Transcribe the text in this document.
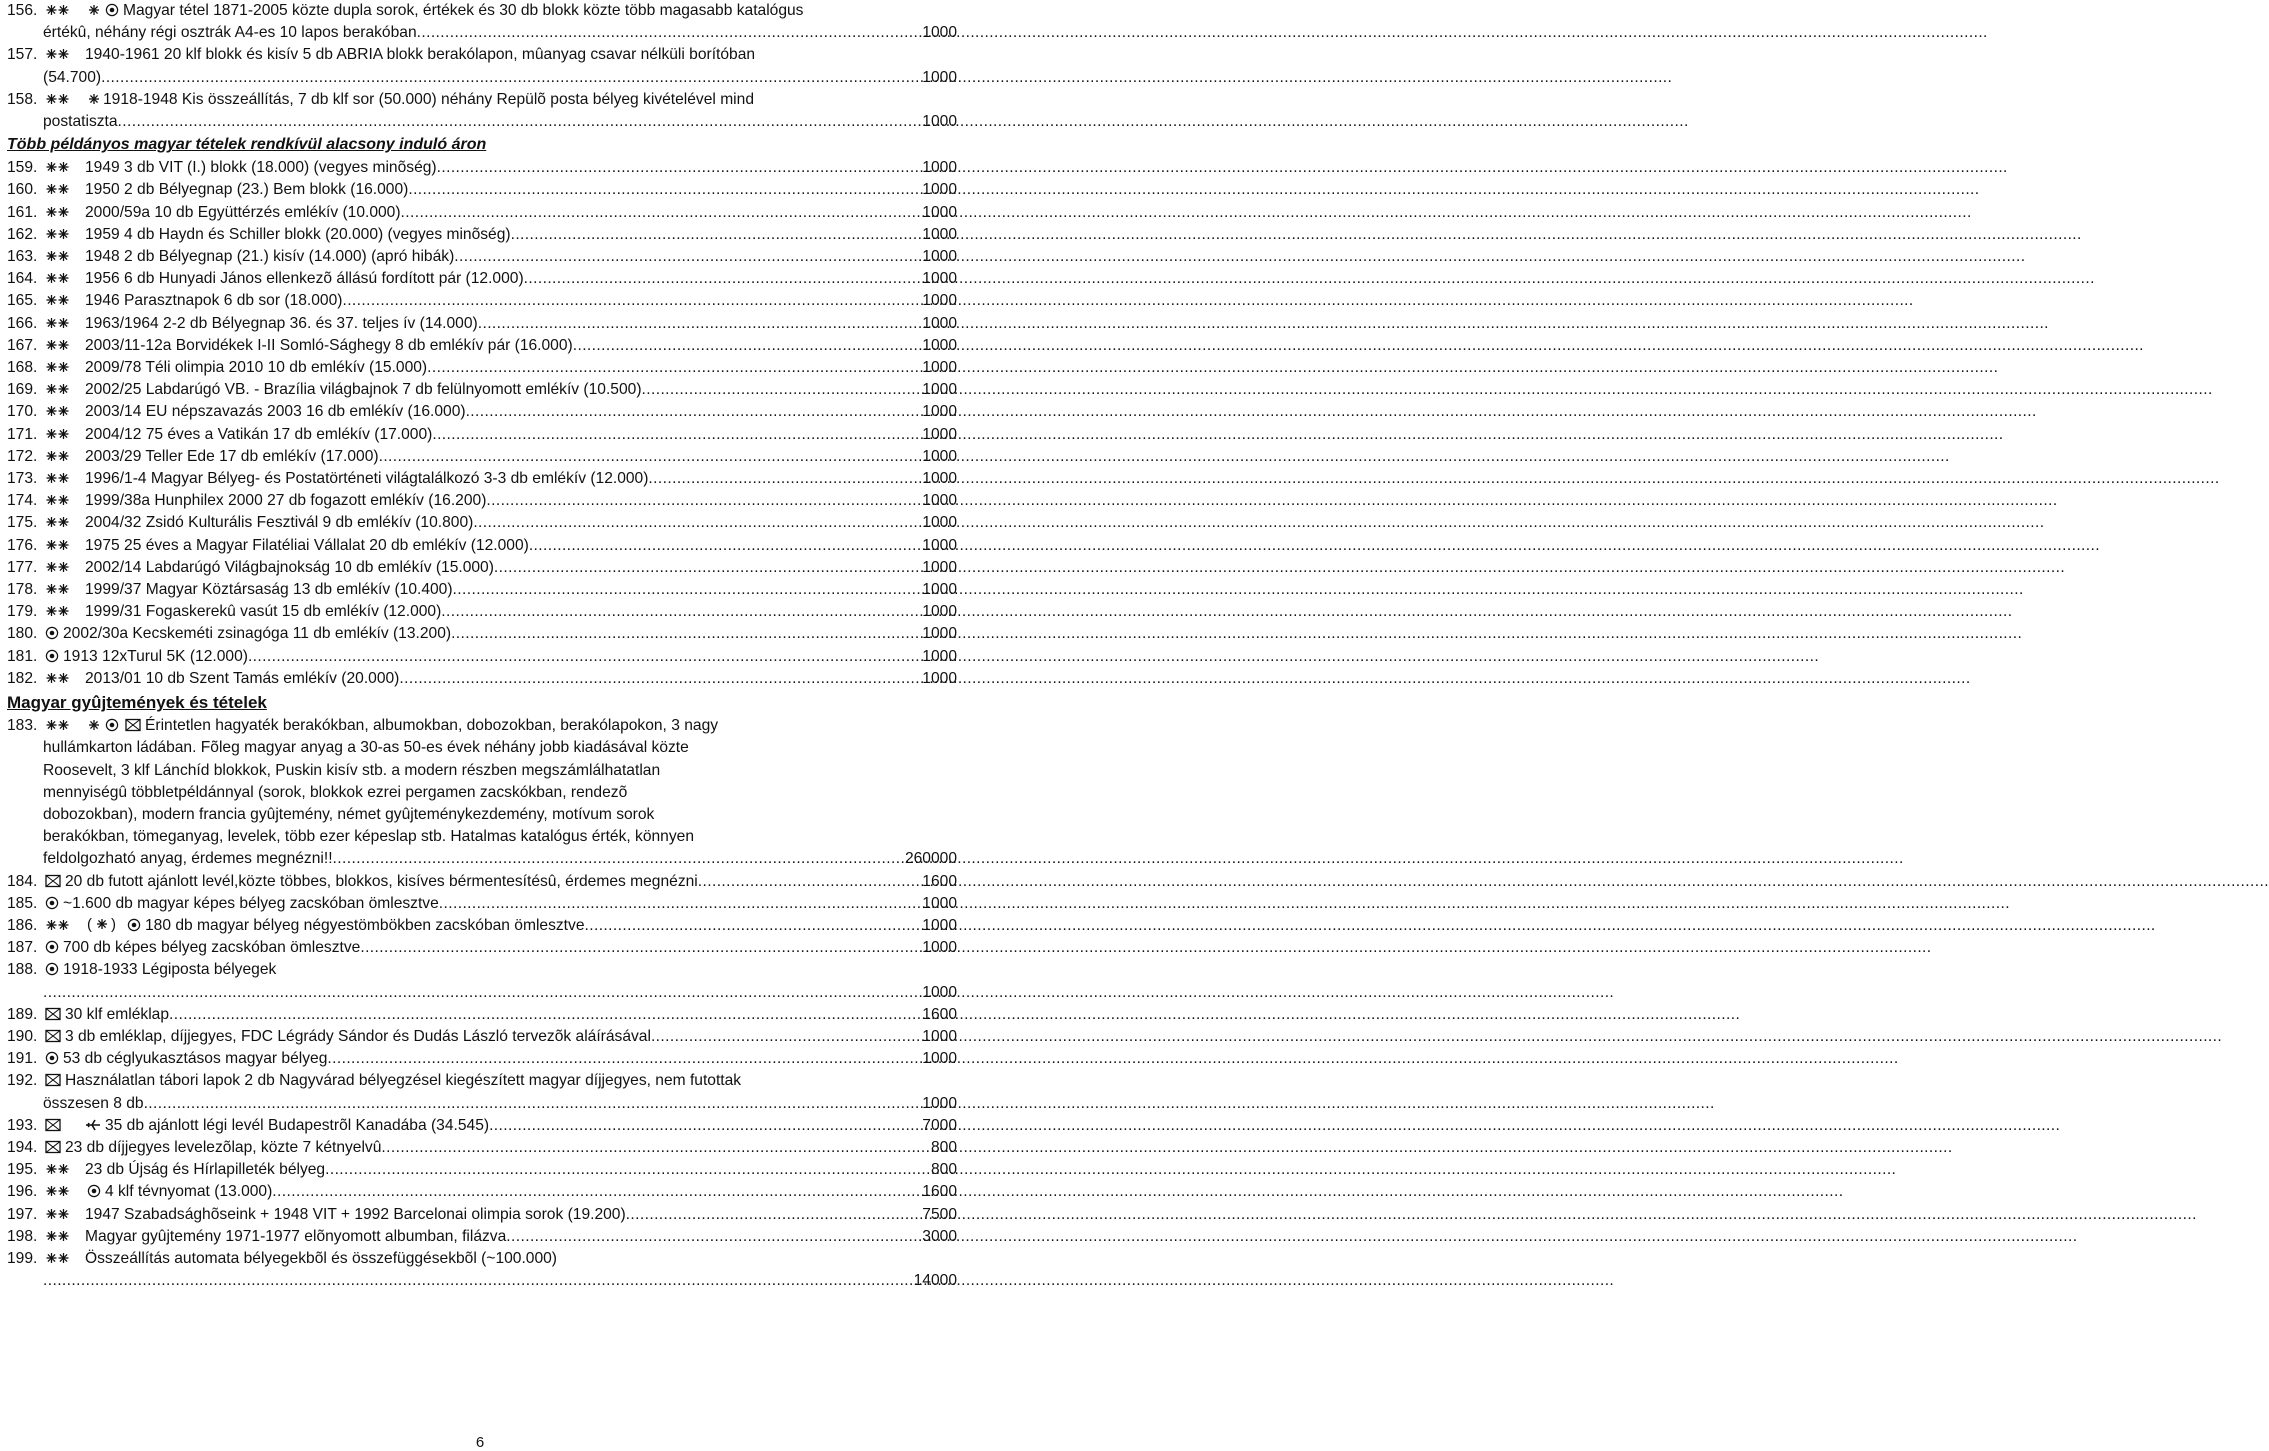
156.	Magyar tétel 1871-2005 közte dupla sorok, értékek és 30 db blokk közte több magasabb katalógus
értékû, néhány régi osztrák A4-es 10 lapos berakóban .....	1000
157.	1940-1961 20 klf blokk és kisív 5 db ABRIA blokk berakólapon, mûanyag csavar nélküli borítóban
(54.700) .....	1000
158.	1918-1948 Kis összeállítás, 7 db klf sor (50.000) néhány Repülõ posta bélyeg kivételével mind
postatiszta .....	1000
Több példányos magyar tételek rendkívül alacsony induló áron
159.	1949 3 db VIT (I.) blokk (18.000) (vegyes minõség) .....	1000
160.	1950 2 db Bélyegnap (23.) Bem blokk (16.000) .....	1000
161.	2000/59a 10 db Együttérzés emlékív (10.000) .....	1000
162.	1959 4 db Haydn és Schiller blokk (20.000) (vegyes minõség) .....	1000
163.	1948 2 db Bélyegnap (21.) kisív (14.000) (apró hibák) .....	1000
164.	1956 6 db Hunyadi János ellenkezõ állású fordított pár (12.000) .....	1000
165.	1946 Parasztnapok 6 db sor (18.000) .....	1000
166.	1963/1964 2-2 db Bélyegnap 36. és 37. teljes ív (14.000) .....	1000
167.	2003/11-12a Borvidékek I-II Somló-Sághegy 8 db emlékív pár (16.000) .....	1000
168.	2009/78 Téli olimpia 2010 10 db emlékív (15.000) .....	1000
169.	2002/25 Labdarúgó VB. - Brazília világbajnok 7 db felülnyomott emlékív (10.500) .....	1000
170.	2003/14 EU népszavazás 2003 16 db emlékív (16.000) .....	1000
171.	2004/12 75 éves a Vatikán 17 db emlékív (17.000) .....	1000
172.	2003/29 Teller Ede 17 db emlékív (17.000) .....	1000
173.	1996/1-4 Magyar Bélyeg- és Postatörténeti világtalálkozó 3-3 db emlékív (12.000) .....	1000
174.	1999/38a Hunphilex 2000 27 db fogazott emlékív (16.200) .....	1000
175.	2004/32 Zsidó Kulturális Fesztivál 9 db emlékív (10.800) .....	1000
176.	1975 25 éves a Magyar Filatéliai Vállalat 20 db emlékív (12.000) .....	1000
177.	2002/14 Labdarúgó Világbajnokság 10 db emlékív (15.000) .....	1000
178.	1999/37 Magyar Köztársaság 13 db emlékív (10.400) .....	1000
179.	1999/31 Fogaskerekû vasút 15 db emlékív (12.000) .....	1000
180.	2002/30a Kecskeméti zsinagóga 11 db emlékív (13.200) .....	1000
181.	1913 12xTurul 5K (12.000) .....	1000
182.	2013/01 10 db Szent Tamás emlékív (20.000) .....	1000
Magyar gyûjtemények és tételek
183.	Érintetlen hagyaték berakókban, albumokban, dobozokban, berakólapokon, 3 nagy
hullámkarton ládában. Fõleg magyar anyag a 30-as 50-es évek néhány jobb kiadásával közte
Roosevelt, 3 klf Lánchíd blokkok, Puskin kisív stb. a modern részben megszámlálhatatlan
mennyiségû többletpéldánnyal (sorok, blokkok ezrei pergamen zacskókban, rendezõ
dobozokban), modern francia gyûjtemény, német gyûjteménykezdemény, motívum sorok
berakókban, tömeganyag, levelek, több ezer képeslap stb. Hatalmas katalógus érték, könnyen
feldolgozható anyag, érdemes megnézni!! .....	260000
184.	20 db futott ajánlott levél,közte többes, blokkos, kisíves bérmentesítésû, érdemes megnézni .....	1600
185.	~1.600 db magyar képes bélyeg zacskóban ömlesztve .....	1000
186.	( ) 180 db magyar bélyeg négyestömbökben zacskóban ömlesztve .....	1000
187.	700 db képes bélyeg zacskóban ömlesztve .....	1000
188.	1918-1933 Légiposta bélyegek
.....
1000
189.	30 klf emléklap .....	1600
190.	3 db emléklap, díjjegyes, FDC Légrády Sándor és Dudás László tervezõk aláírásával .....	1000
191.	53 db céglyukasztásos magyar bélyeg .....	1000
192.	Használatlan tábori lapok 2 db Nagyvárad bélyegzésel kiegészített magyar díjjegyes, nem futottak
összesen 8 db .....	1000
193.	35 db ajánlott légi levél Budapestrõl Kanadába (34.545) .....	7000
194.	23 db díjjegyes levelezõlap, közte 7 kétnyelvû .....	800
195.	23 db Újság és Hírlapilleték bélyeg .....	800
196.	4 klf tévnyomat (13.000) .....	1600
197.	1947 Szabadsághõseink + 1948 VIT + 1992 Barcelonai olimpia sorok (19.200) .....	7500
198.	Magyar gyûjtemény 1971-1977 elõnyomott albumban, filázva .....	3000
199.	Összeállítás automata bélyegekbõl és összefüggésekbõl (~100.000)
.....
14000
6
